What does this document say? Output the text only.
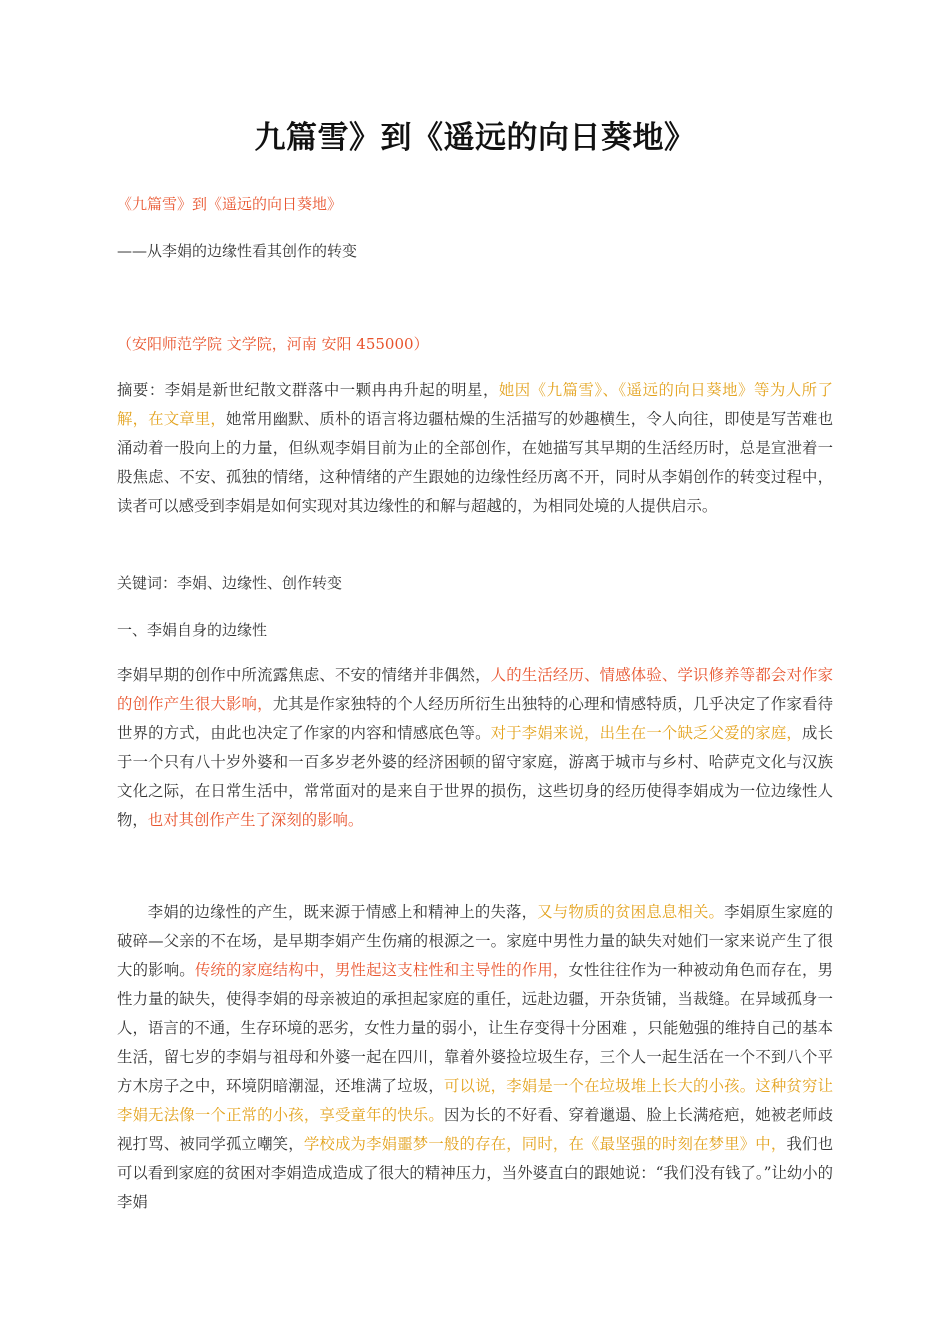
九篇雪》到《遥远的向日葵地》
《九篇雪》到《遥远的向日葵地》
——从李娟的边缘性看其创作的转变
（安阳师范学院 文学院，河南 安阳 455000）
摘要：李娟是新世纪散文群落中一颗冉冉升起的明星，她因《九篇雪》、《遥远的向日葵地》等为人所了解，在文章里，她常用幽默、质朴的语言将边疆枯燥的生活描写的妙趣横生，令人向往，即使是写苦难也涌动着一股向上的力量，但纵观李娟目前为止的全部创作，在她描写其早期的生活经历时，总是宣泄着一股焦虑、不安、孤独的情绪，这种情绪的产生跟她的边缘性经历离不开，同时从李娟创作的转变过程中，读者可以感受到李娟是如何实现对其边缘性的和解与超越的，为相同处境的人提供启示。
关键词：李娟、边缘性、创作转变
一、李娟自身的边缘性
李娟早期的创作中所流露焦虑、不安的情绪并非偶然，人的生活经历、情感体验、学识修养等都会对作家的创作产生很大影响，尤其是作家独特的个人经历所衍生出独特的心理和情感特质，几乎决定了作家看待世界的方式，由此也决定了作家的内容和情感底色等。对于李娟来说，出生在一个缺乏父爱的家庭，成长于一个只有八十岁外婆和一百多岁老外婆的经济困顿的留守家庭，游离于城市与乡村、哈萨克文化与汉族文化之际，在日常生活中，常常面对的是来自于世界的损伤，这些切身的经历使得李娟成为一位边缘性人物，也对其创作产生了深刻的影响。
李娟的边缘性的产生，既来源于情感上和精神上的失落，又与物质的贫困息息相关。李娟原生家庭的破碎—父亲的不在场，是早期李娟产生伤痛的根源之一。家庭中男性力量的缺失对她们一家来说产生了很大的影响。传统的家庭结构中，男性起这支柱性和主导性的作用，女性往往作为一种被动角色而存在，男性力量的缺失，使得李娟的母亲被迫的承担起家庭的重任，远赴边疆，开杂货铺，当裁缝。在异域孤身一人，语言的不通，生存环境的恶劣，女性力量的弱小，让生存变得十分困难 ，只能勉强的维持自己的基本生活，留七岁的李娟与祖母和外婆一起在四川，靠着外婆捡垃圾生存，三个人一起生活在一个不到八个平方木房子之中，环境阴暗潮湿，还堆满了垃圾，可以说，李娟是一个在垃圾堆上长大的小孩。这种贫穷让李娟无法像一个正常的小孩，享受童年的快乐。因为长的不好看、穿着邋遢、脸上长满疮疤，她被老师歧视打骂、被同学孤立嘲笑，学校成为李娟噩梦一般的存在，同时，在《最坚强的时刻在梦里》中，我们也可以看到家庭的贫困对李娟造成造成了很大的精神压力，当外婆直白的跟她说：“我们没有钱了。”让幼小的李娟
